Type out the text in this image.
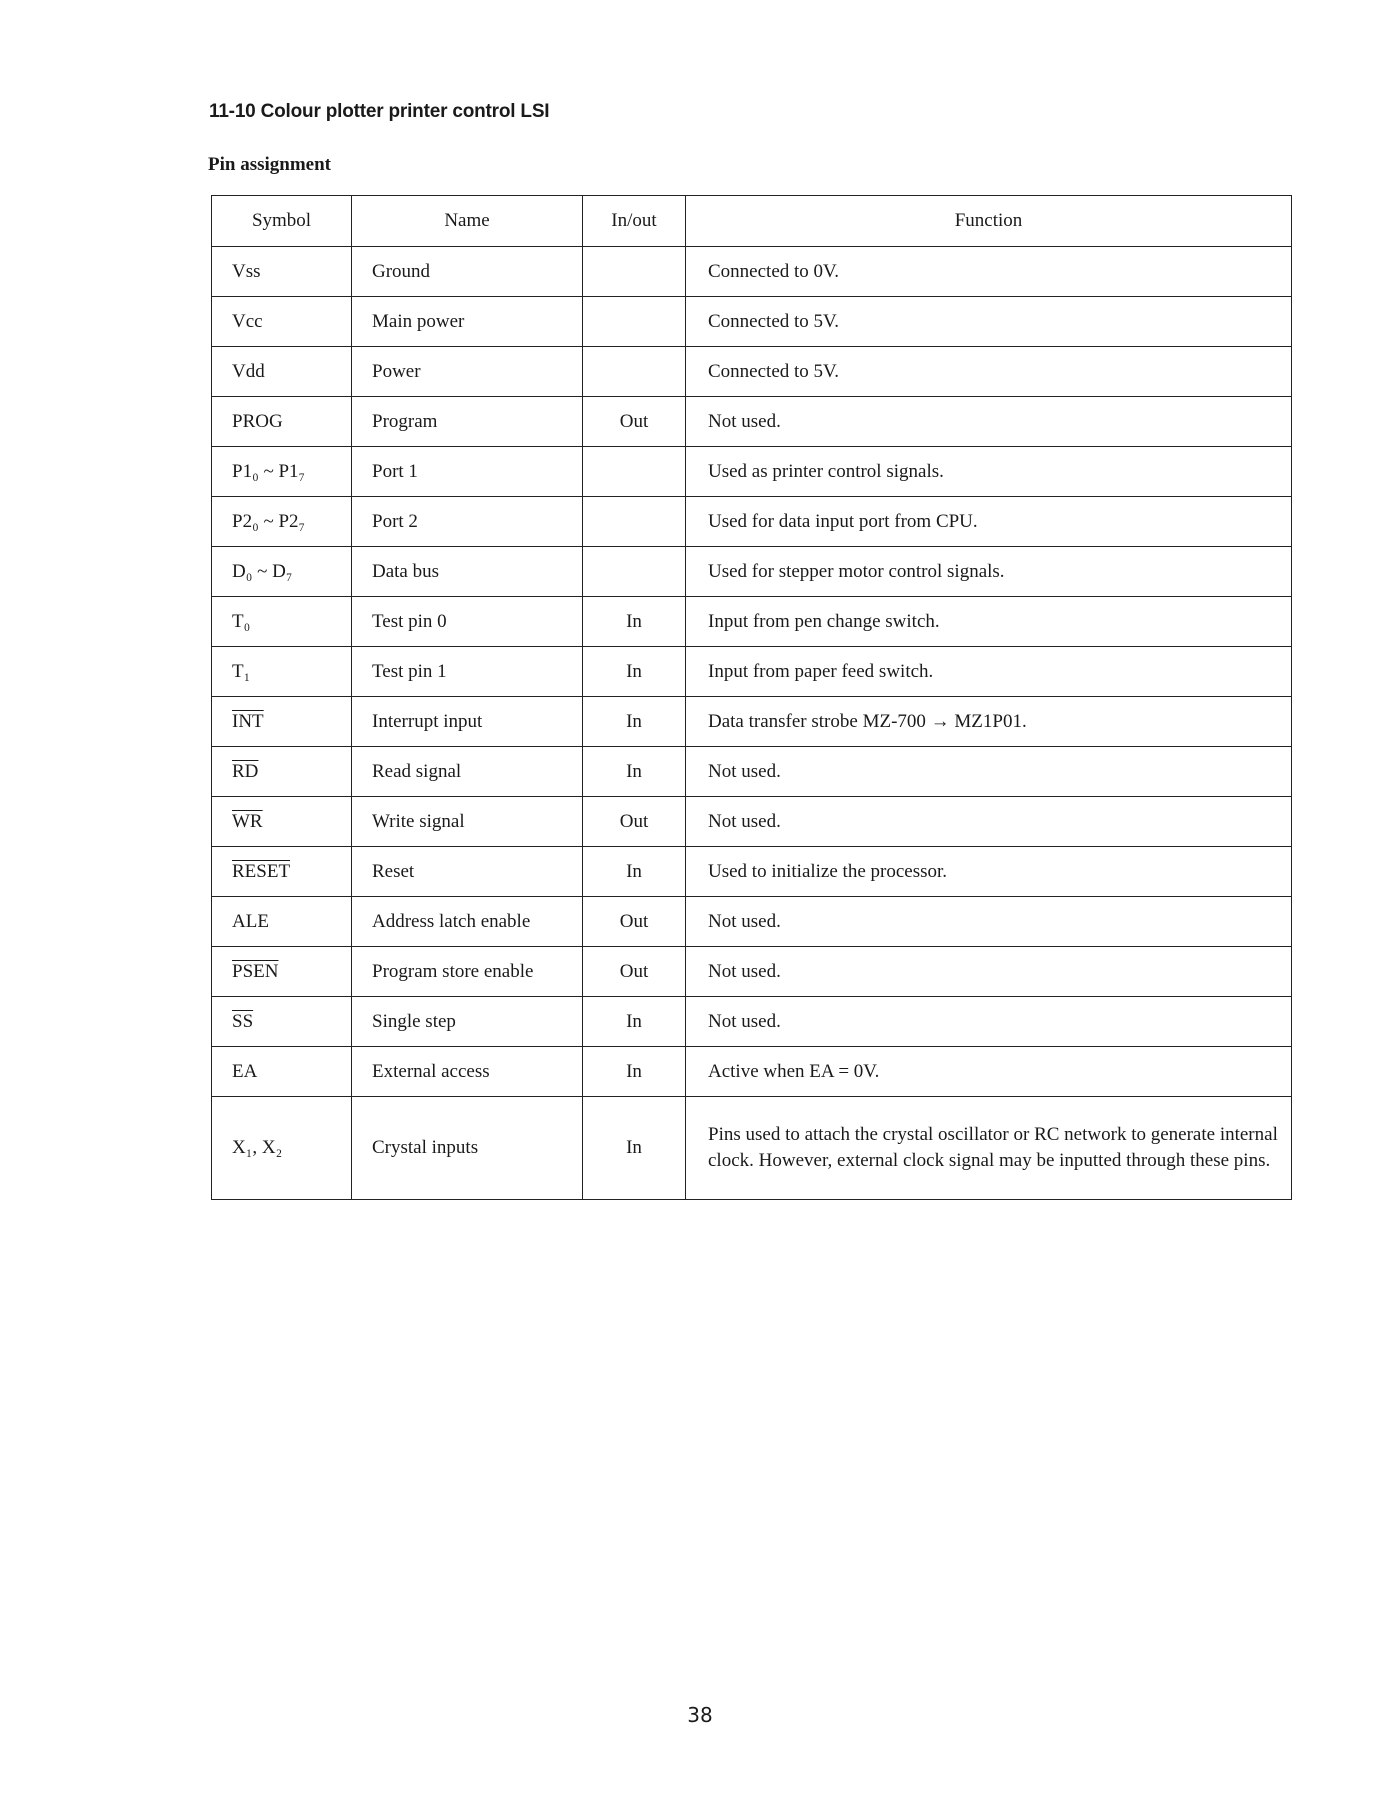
11-10 Colour plotter printer control LSI
Pin assignment
Symbol	Name	In/out	Function
Vss	Ground		Connected to 0V.
Vcc	Main power		Connected to 5V.
Vdd	Power		Connected to 5V.
PROG	Program	Out	Not used.
P1₀ ~ P1₇	Port 1		Used as printer control signals.
P2₀ ~ P2₇	Port 2		Used for data input port from CPU.
D₀ ~ D₇	Data bus		Used for stepper motor control signals.
T₀	Test pin 0	In	Input from pen change switch.
T₁	Test pin 1	In	Input from paper feed switch.
$\overline{INT}$	Interrupt input	In	Data transfer strobe MZ-700 → MZ1P01.
$\overline{RD}$	Read signal	In	Not used.
$\overline{WR}$	Write signal	Out	Not used.
RESET	Reset	In	Used to initialize the processor.
ALE	Address latch enable	Out	Not used.
PSEN	Program store enable	Out	Not used.
$\overline{SS}$	Single step	In	Not used.
EA	External access	In	Active when EA = 0V.
X₁, X₂	Crystal inputs	In	Pins used to attach the crystal oscillator or RC network to generate internal clock. However, external clock signal may be inputted through these pins.

38
